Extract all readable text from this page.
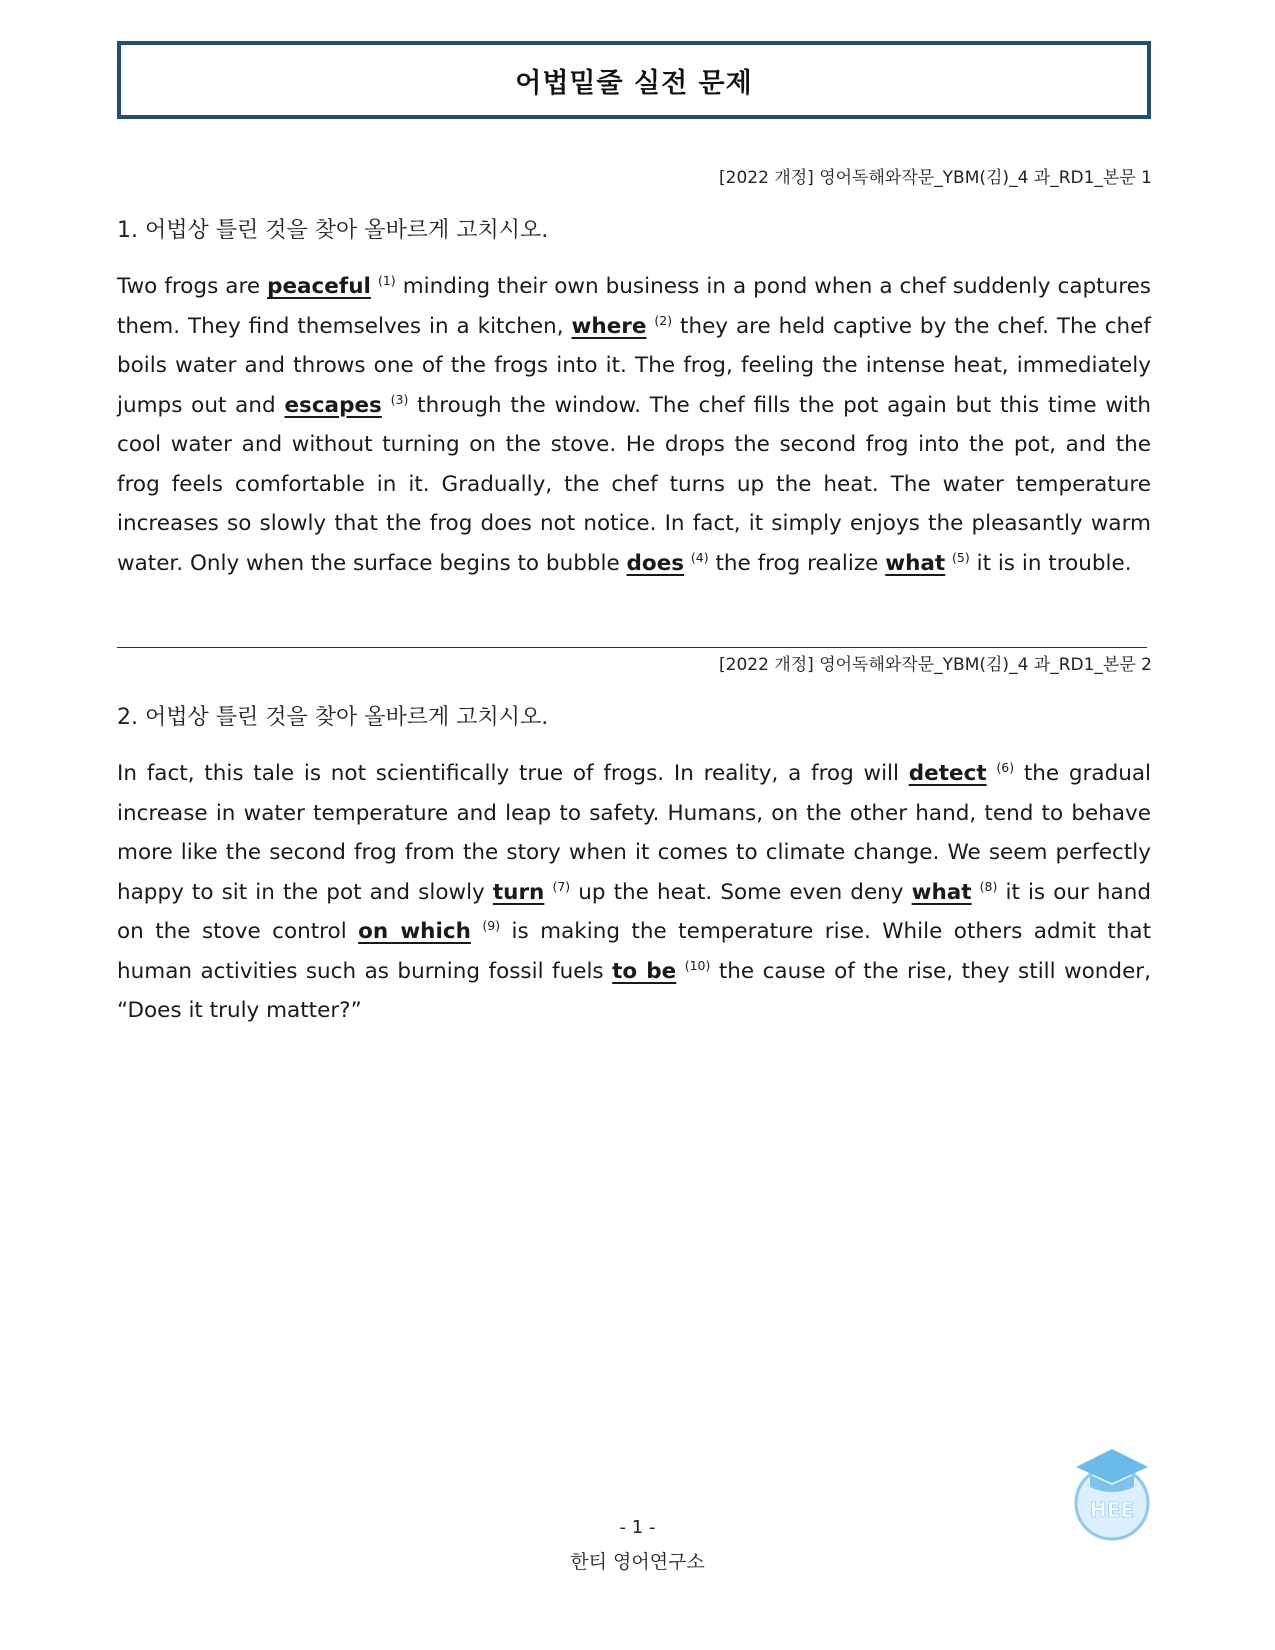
어법밑줄 실전 문제
[2022 개정] 영어독해와작문_YBM(김)_4 과_RD1_본문 1
1. 어법상 틀린 것을 찾아 올바르게 고치시오.
Two frogs are peaceful $^{(1)}$ minding their own business in a pond when a chef suddenly captures them. They find themselves in a kitchen, where $^{(2)}$ they are held captive by the chef. The chef boils water and throws one of the frogs into it. The frog, feeling the intense heat, immediately jumps out and escapes $^{(3)}$ through the window. The chef fills the pot again but this time with cool water and without turning on the stove. He drops the second frog into the pot, and the frog feels comfortable in it. Gradually, the chef turns up the heat. The water temperature increases so slowly that the frog does not notice. In fact, it simply enjoys the pleasantly warm water. Only when the surface begins to bubble does $^{(4)}$ the frog realize what $^{(5)}$ it is in trouble.
[2022 개정] 영어독해와작문_YBM(김)_4 과_RD1_본문 2
2. 어법상 틀린 것을 찾아 올바르게 고치시오.
In fact, this tale is not scientifically true of frogs. In reality, a frog will detect $^{(6)}$ the gradual increase in water temperature and leap to safety. Humans, on the other hand, tend to behave more like the second frog from the story when it comes to climate change. We seem perfectly happy to sit in the pot and slowly turn $^{(7)}$ up the heat. Some even deny what $^{(8)}$ it is our hand on the stove control on which $^{(9)}$ is making the temperature rise. While others admit that human activities such as burning fossil fuels to be $^{(10)}$ the cause of the rise, they still wonder, “Does it truly matter?”
- 1 -
한티 영어연구소
HEE
